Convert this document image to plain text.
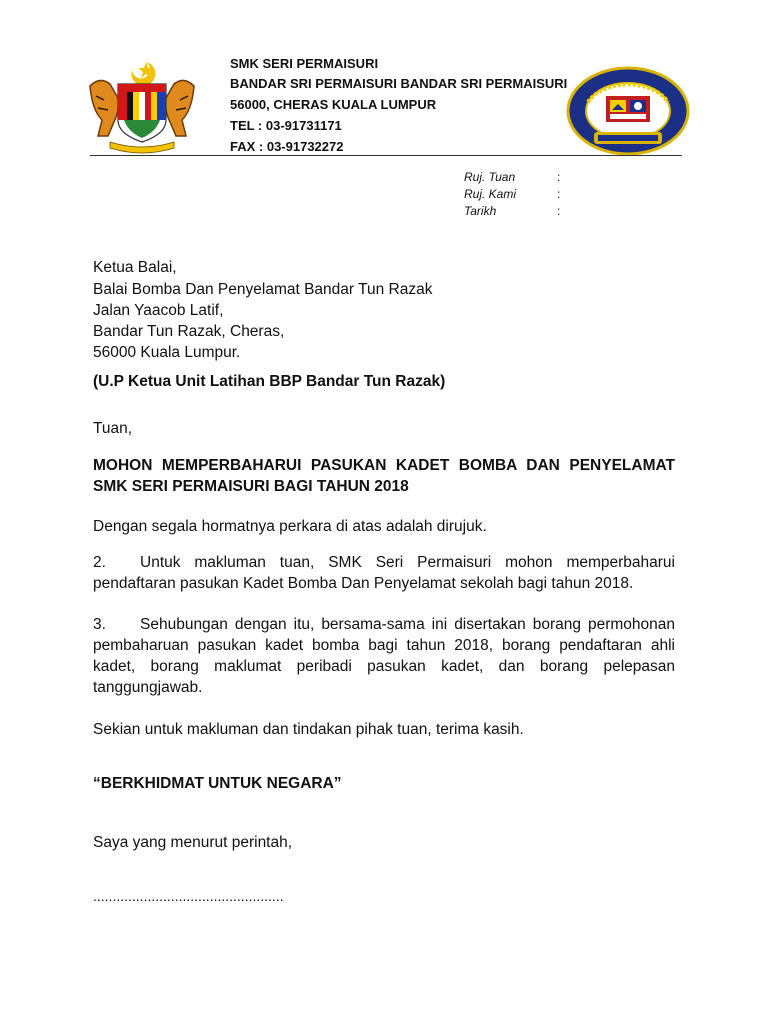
SMK SERI PERMAISURI
BANDAR SRI PERMAISURI BANDAR SRI PERMAISURI
56000, CHERAS KUALA LUMPUR
TEL : 03-91731171
FAX : 03-91732272
Ruj. Tuan	:
Ruj. Kami	:
Tarikh	:
Ketua Balai,
Balai Bomba Dan Penyelamat Bandar Tun Razak
Jalan Yaacob Latif,
Bandar Tun Razak, Cheras,
56000 Kuala Lumpur.
(U.P Ketua Unit Latihan BBP Bandar Tun Razak)
Tuan,
MOHON MEMPERBAHARUI PASUKAN KADET BOMBA DAN PENYELAMAT SMK SERI PERMAISURI BAGI TAHUN 2018
Dengan segala hormatnya perkara di atas adalah dirujuk.
2. Untuk makluman tuan, SMK Seri Permaisuri mohon memperbaharui pendaftaran pasukan Kadet Bomba Dan Penyelamat sekolah bagi tahun 2018.
3. Sehubungan dengan itu, bersama-sama ini disertakan borang permohonan pembaharuan pasukan kadet bomba bagi tahun 2018, borang pendaftaran ahli kadet, borang maklumat peribadi pasukan kadet, dan borang pelepasan tanggungjawab.
Sekian untuk makluman dan tindakan pihak tuan, terima kasih.
“BERKHIDMAT UNTUK NEGARA”
Saya yang menurut perintah,
.................................................
